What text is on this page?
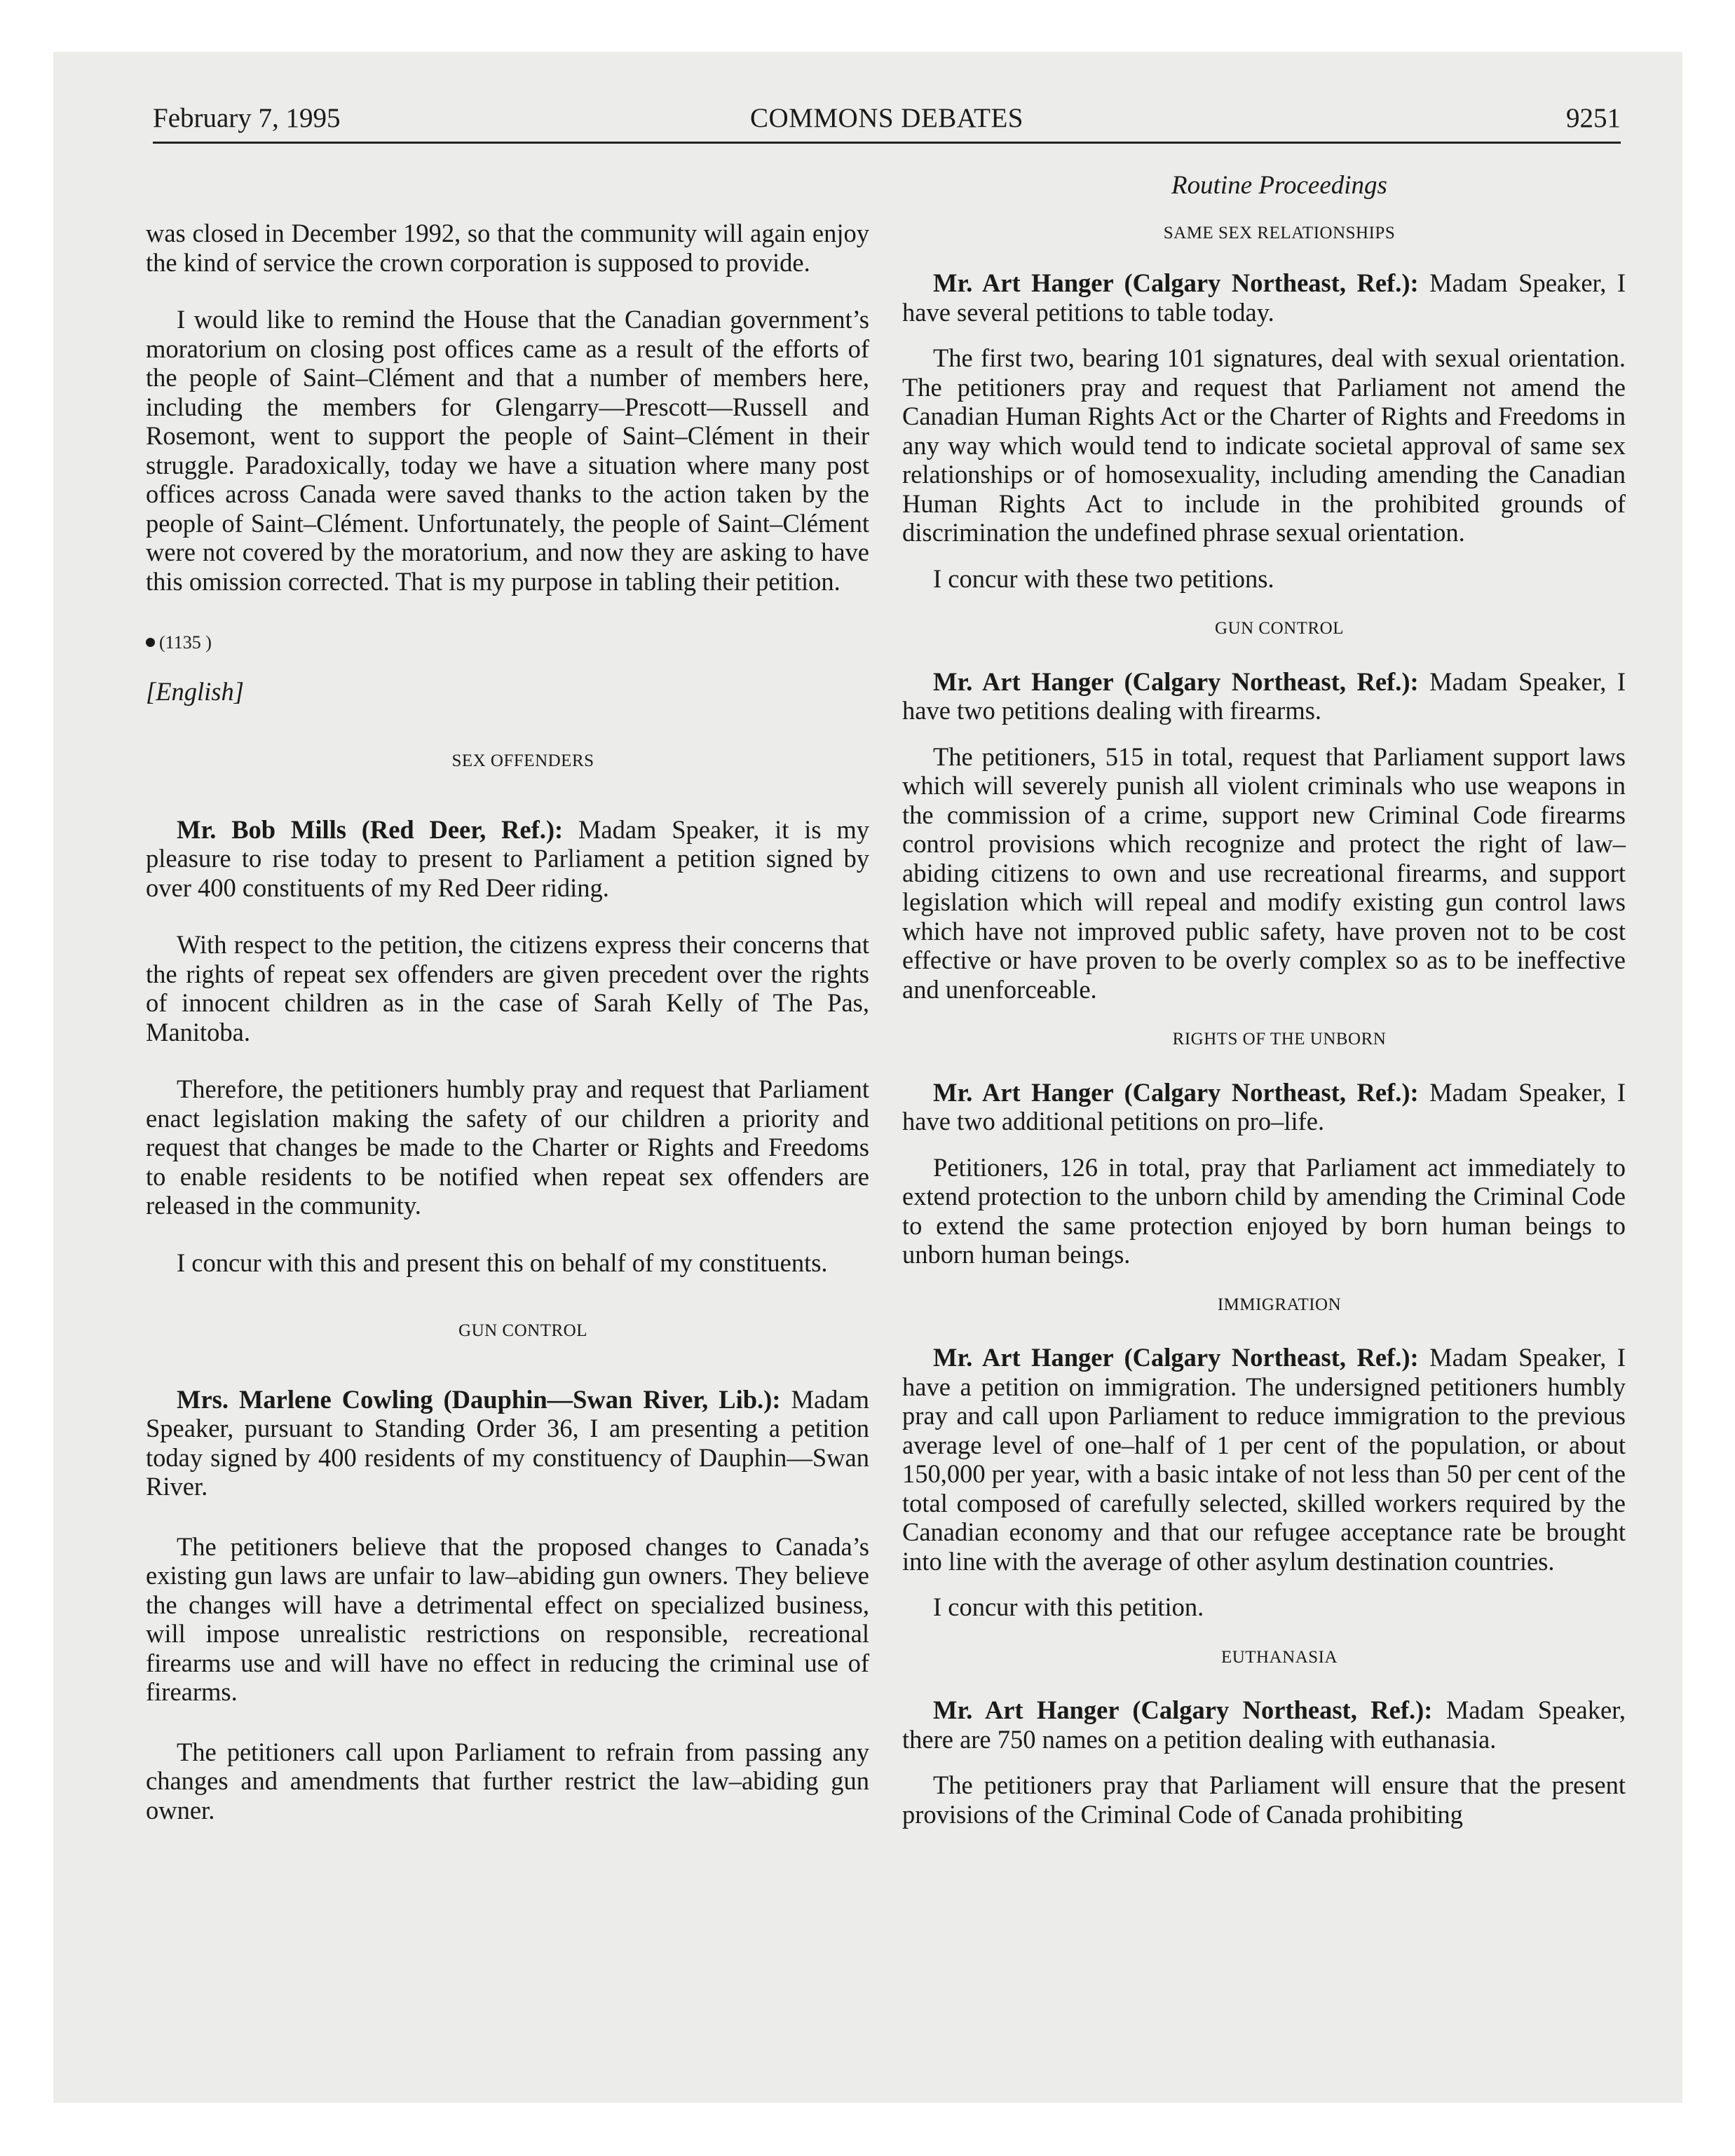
February 7, 1995	COMMONS DEBATES	9251

was closed in December 1992, so that the community will again enjoy the kind of service the crown corporation is supposed to provide.

I would like to remind the House that the Canadian government’s moratorium on closing post offices came as a result of the efforts of the people of Saint–Clément and that a number of members here, including the members for Glengarry—Prescott—Russell and Rosemont, went to support the people of Saint–Clément in their struggle. Paradoxically, today we have a situation where many post offices across Canada were saved thanks to the action taken by the people of Saint–Clément. Unfortunately, the people of Saint–Clément were not covered by the moratorium, and now they are asking to have this omission corrected. That is my purpose in tabling their petition.

(1135 )

[English]

SEX OFFENDERS

Mr. Bob Mills (Red Deer, Ref.): Madam Speaker, it is my pleasure to rise today to present to Parliament a petition signed by over 400 constituents of my Red Deer riding.

With respect to the petition, the citizens express their concerns that the rights of repeat sex offenders are given precedent over the rights of innocent children as in the case of Sarah Kelly of The Pas, Manitoba.

Therefore, the petitioners humbly pray and request that Parliament enact legislation making the safety of our children a priority and request that changes be made to the Charter or Rights and Freedoms to enable residents to be notified when repeat sex offenders are released in the community.

I concur with this and present this on behalf of my constituents.

GUN CONTROL

Mrs. Marlene Cowling (Dauphin—Swan River, Lib.): Madam Speaker, pursuant to Standing Order 36, I am presenting a petition today signed by 400 residents of my constituency of Dauphin—Swan River.

The petitioners believe that the proposed changes to Canada’s existing gun laws are unfair to law–abiding gun owners. They believe the changes will have a detrimental effect on specialized business, will impose unrealistic restrictions on responsible, recreational firearms use and will have no effect in reducing the criminal use of firearms.

The petitioners call upon Parliament to refrain from passing any changes and amendments that further restrict the law–abiding gun owner.

Routine Proceedings

SAME SEX RELATIONSHIPS

Mr. Art Hanger (Calgary Northeast, Ref.): Madam Speaker, I have several petitions to table today.

The first two, bearing 101 signatures, deal with sexual orientation. The petitioners pray and request that Parliament not amend the Canadian Human Rights Act or the Charter of Rights and Freedoms in any way which would tend to indicate societal approval of same sex relationships or of homosexuality, including amending the Canadian Human Rights Act to include in the prohibited grounds of discrimination the undefined phrase sexual orientation.

I concur with these two petitions.

GUN CONTROL

Mr. Art Hanger (Calgary Northeast, Ref.): Madam Speaker, I have two petitions dealing with firearms.

The petitioners, 515 in total, request that Parliament support laws which will severely punish all violent criminals who use weapons in the commission of a crime, support new Criminal Code firearms control provisions which recognize and protect the right of law–abiding citizens to own and use recreational firearms, and support legislation which will repeal and modify existing gun control laws which have not improved public safety, have proven not to be cost effective or have proven to be overly complex so as to be ineffective and unenforceable.

RIGHTS OF THE UNBORN

Mr. Art Hanger (Calgary Northeast, Ref.): Madam Speaker, I have two additional petitions on pro–life.

Petitioners, 126 in total, pray that Parliament act immediately to extend protection to the unborn child by amending the Criminal Code to extend the same protection enjoyed by born human beings to unborn human beings.

IMMIGRATION

Mr. Art Hanger (Calgary Northeast, Ref.): Madam Speaker, I have a petition on immigration. The undersigned petitioners humbly pray and call upon Parliament to reduce immigration to the previous average level of one–half of 1 per cent of the population, or about 150,000 per year, with a basic intake of not less than 50 per cent of the total composed of carefully selected, skilled workers required by the Canadian economy and that our refugee acceptance rate be brought into line with the average of other asylum destination countries.

I concur with this petition.

EUTHANASIA

Mr. Art Hanger (Calgary Northeast, Ref.): Madam Speaker, there are 750 names on a petition dealing with euthanasia.

The petitioners pray that Parliament will ensure that the present provisions of the Criminal Code of Canada prohibiting
